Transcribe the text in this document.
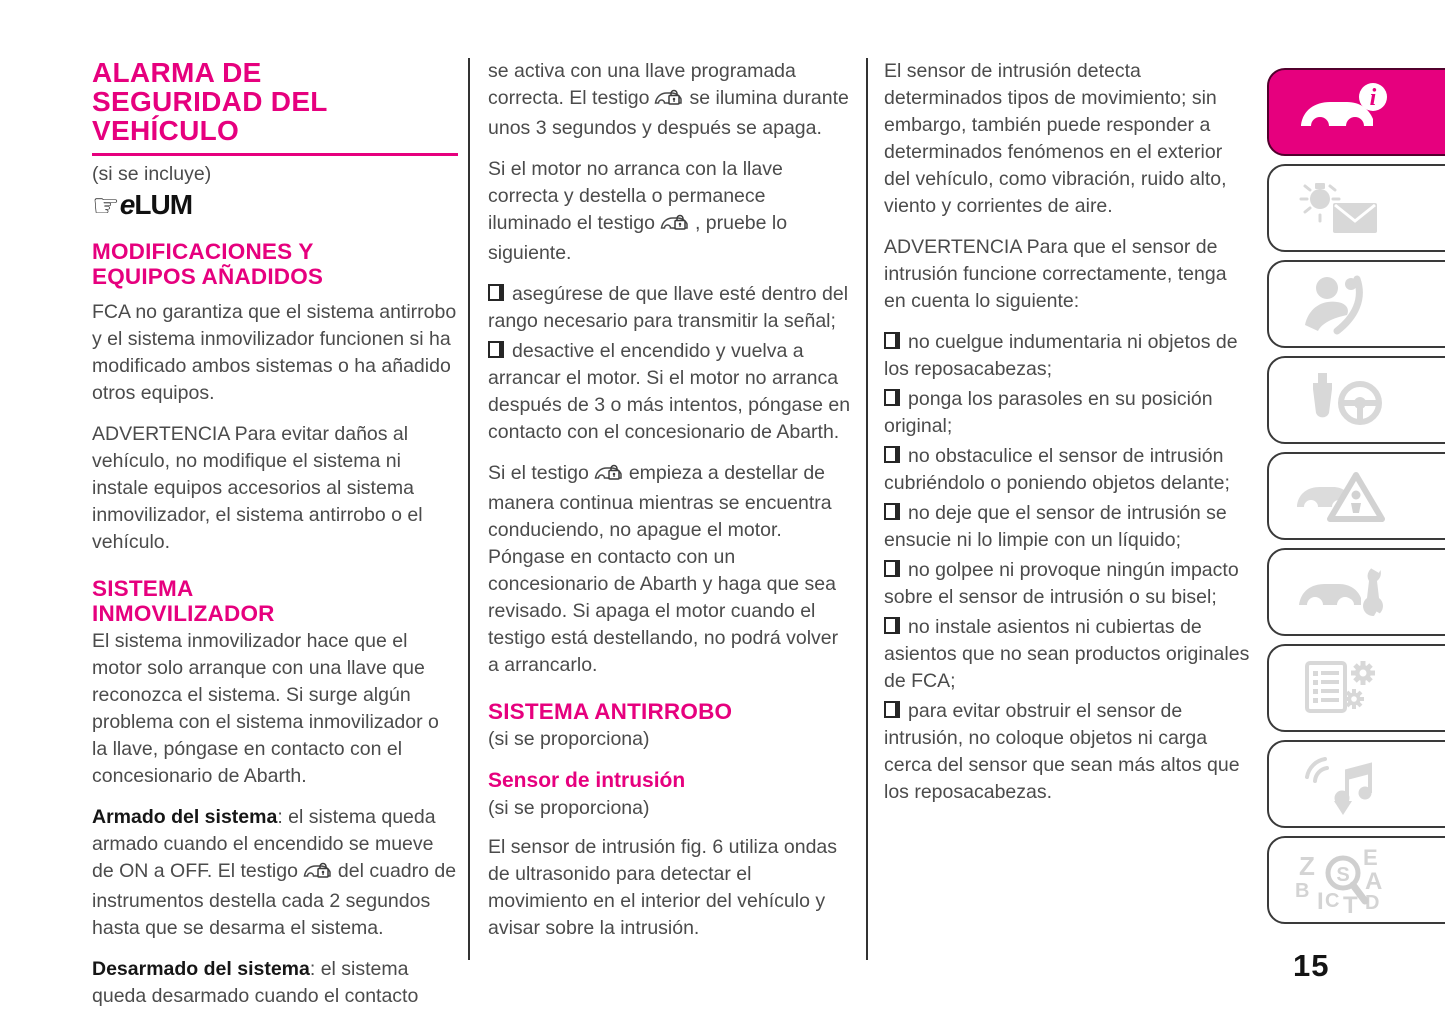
ALARMA DE SEGURIDAD DEL VEHÍCULO

(si se incluye)

☞eLUM
MODIFICACIONES Y EQUIPOS AÑADIDOS

FCA no garantiza que el sistema antirrobo y el sistema inmovilizador funcionen si ha modificado ambos sistemas o ha añadido otros equipos.

ADVERTENCIA Para evitar daños al vehículo, no modifique el sistema ni instale equipos accesorios al sistema inmovilizador, el sistema antirrobo o el vehículo.

SISTEMA INMOVILIZADOR

El sistema inmovilizador hace que el motor solo arranque con una llave que reconozca el sistema. Si surge algún problema con el sistema inmovilizador o la llave, póngase en contacto con el concesionario de Abarth.

Armado del sistema: el sistema queda armado cuando el encendido se mueve de ON a OFF. El testigo del cuadro de instrumentos destella cada 2 segundos hasta que se desarma el sistema.

Desarmado del sistema: el sistema queda desarmado cuando el contacto

se activa con una llave programada correcta. El testigo se ilumina durante unos 3 segundos y después se apaga.

Si el motor no arranca con la llave correcta y destella o permanece iluminado el testigo , pruebe lo siguiente.

asegúrese de que llave esté dentro del rango necesario para transmitir la señal;

desactive el encendido y vuelva a arrancar el motor. Si el motor no arranca después de 3 o más intentos, póngase en contacto con el concesionario de Abarth.

Si el testigo empieza a destellar de manera continua mientras se encuentra conduciendo, no apague el motor. Póngase en contacto con un concesionario de Abarth y haga que sea revisado. Si apaga el motor cuando el testigo está destellando, no podrá volver a arrancarlo.

SISTEMA ANTIRROBO

(si se proporciona)

Sensor de intrusión

(si se proporciona)

El sensor de intrusión fig. 6 utiliza ondas de ultrasonido para detectar el movimiento en el interior del vehículo y avisar sobre la intrusión.

El sensor de intrusión detecta determinados tipos de movimiento; sin embargo, también puede responder a determinados fenómenos en el exterior del vehículo, como vibración, ruido alto, viento y corrientes de aire.

ADVERTENCIA Para que el sensor de intrusión funcione correctamente, tenga en cuenta lo siguiente:

no cuelgue indumentaria ni objetos de los reposacabezas;

ponga los parasoles en su posición original;

no obstaculice el sensor de intrusión cubriéndolo o poniendo objetos delante;

no deje que el sensor de intrusión se ensucie ni lo limpie con un líquido;

no golpee ni provoque ningún impacto sobre el sensor de intrusión o su bisel;

no instale asientos ni cubiertas de asientos que no sean productos originales de FCA;

para evitar obstruir el sensor de intrusión, no coloque objetos ni carga cerca del sensor que sean más altos que los reposacabezas.

i
Z E
B A
I C T D
S
15
